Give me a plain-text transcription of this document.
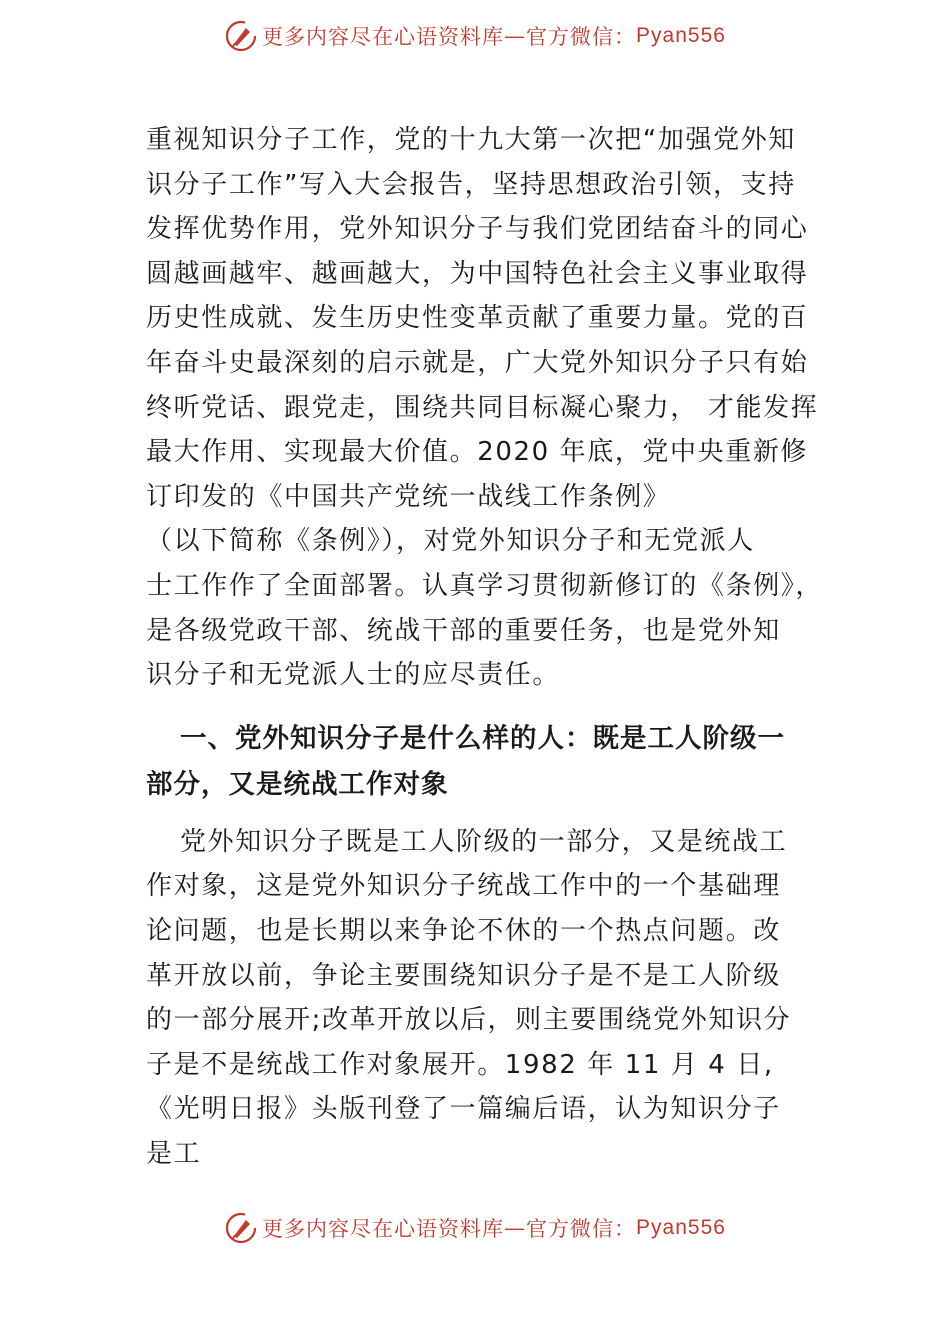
更多内容尽在心语资料库 — 官方微信： Pyan556
重视知识分子工作，党的十九大第一次把“加强党外知
识分子工作”写入大会报告，坚持思想政治引领，支持
发挥优势作用，党外知识分子与我们党团结奋斗的同心
圆越画越牢、越画越大，为中国特色社会主义事业取得
历史性成就、发生历史性变革贡献了重要力量。党的百
年奋斗史最深刻的启示就是，广大党外知识分子只有始
终听党话、跟党走，围绕共同目标凝心聚力， 才能发挥
最大作用、实现最大价值。2020 年底，党中央重新修
订印发的《中国共产党统一战线工作条例》
（以下简称《条例》），对党外知识分子和无党派人
士工作作了全面部署。认真学习贯彻新修订的《条例》，
是各级党政干部、统战干部的重要任务，也是党外知
识分子和无党派人士的应尽责任。
一、党外知识分子是什么样的人：既是工人阶级一
部分，又是统战工作对象
党外知识分子既是工人阶级的一部分，又是统战工
作对象，这是党外知识分子统战工作中的一个基础理
论问题，也是长期以来争论不休的一个热点问题。改
革开放以前，争论主要围绕知识分子是不是工人阶级
的一部分展开;改革开放以后，则主要围绕党外知识分
子是不是统战工作对象展开。1982 年 11 月 4 日,
《光明日报》头版刊登了一篇编后语，认为知识分子
是工
更多内容尽在心语资料库 — 官方微信： Pyan556
